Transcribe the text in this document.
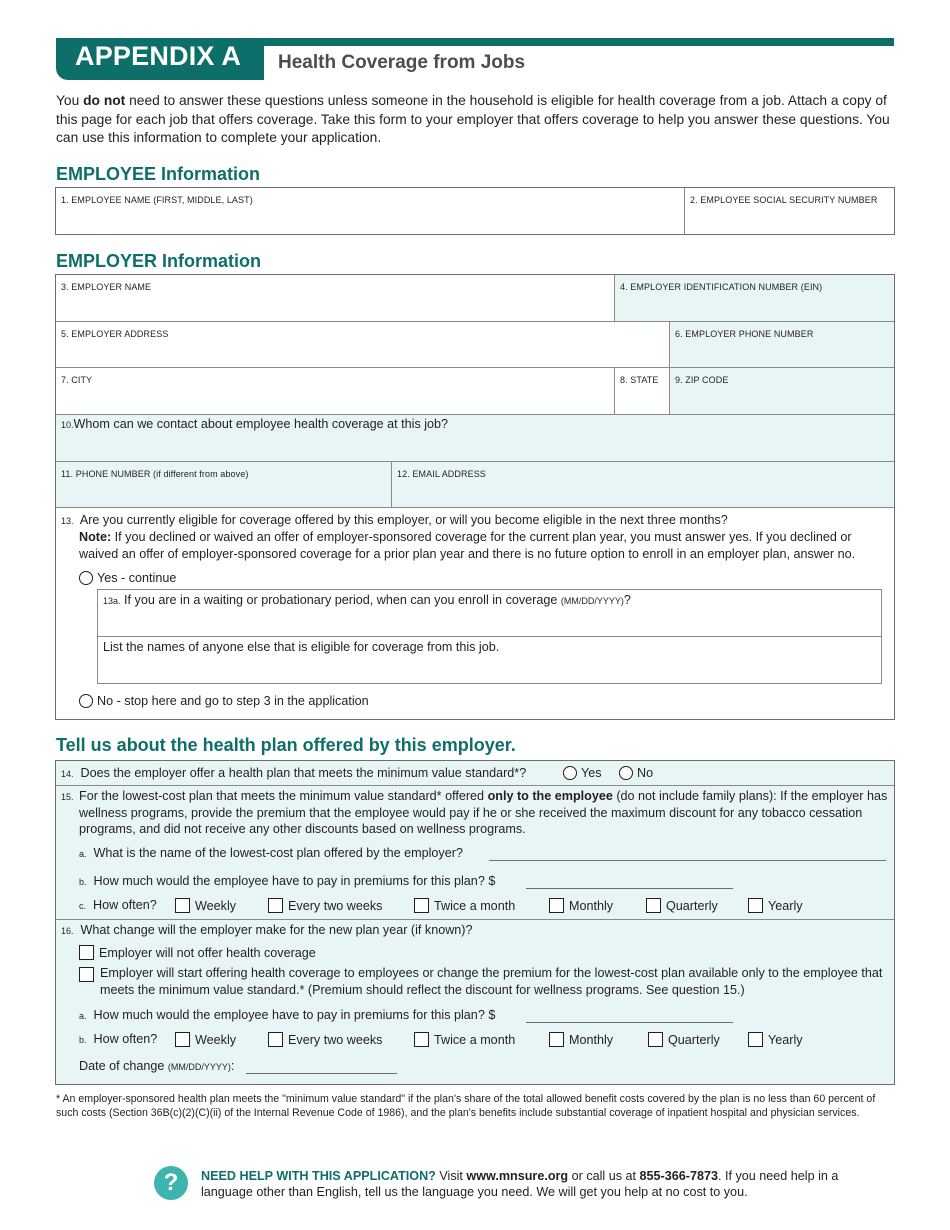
APPENDIX A	Health Coverage from Jobs
You do not need to answer these questions unless someone in the household is eligible for health coverage from a job. Attach a copy of this page for each job that offers coverage. Take this form to your employer that offers coverage to help you answer these questions. You can use this information to complete your application.
EMPLOYEE Information
1. EMPLOYEE NAME (FIRST, MIDDLE, LAST)	2. EMPLOYEE SOCIAL SECURITY NUMBER
EMPLOYER Information
3. EMPLOYER NAME	4. EMPLOYER IDENTIFICATION NUMBER (EIN)
5. EMPLOYER ADDRESS	6. EMPLOYER PHONE NUMBER
7. CITY	8. STATE 9. ZIP CODE
10.Whom can we contact about employee health coverage at this job?
11. PHONE NUMBER (if different from above)	12. EMAIL ADDRESS
13. Are you currently eligible for coverage offered by this employer, or will you become eligible in the next three months?
Note: If you declined or waived an offer of employer-sponsored coverage for the current plan year, you must answer yes. If you declined or waived an offer of employer-sponsored coverage for a prior plan year and there is no future option to enroll in an employer plan, answer no.
Yes - continue
13a. If you are in a waiting or probationary period, when can you enroll in coverage (MM/DD/YYYY)?
List the names of anyone else that is eligible for coverage from this job.
No - stop here and go to step 3 in the application
Tell us about the health plan offered by this employer.
14. Does the employer offer a health plan that meets the minimum value standard*?	Yes	No
15. For the lowest-cost plan that meets the minimum value standard* offered only to the employee (do not include family plans): If the employer has wellness programs, provide the premium that the employee would pay if he or she received the maximum discount for any tobacco cessation programs, and did not receive any other discounts based on wellness programs.
a. What is the name of the lowest-cost plan offered by the employer?
b. How much would the employee have to pay in premiums for this plan? $
c. How often?	Weekly	Every two weeks	Twice a month	Monthly	Quarterly	Yearly
16. What change will the employer make for the new plan year (if known)?
Employer will not offer health coverage
Employer will start offering health coverage to employees or change the premium for the lowest-cost plan available only to the employee that meets the minimum value standard.* (Premium should reflect the discount for wellness programs. See question 15.)
a. How much would the employee have to pay in premiums for this plan? $
b. How often?	Weekly	Every two weeks	Twice a month	Monthly	Quarterly	Yearly
Date of change (MM/DD/YYYY):
* An employer-sponsored health plan meets the "minimum value standard" if the plan's share of the total allowed benefit costs covered by the plan is no less than 60 percent of such costs (Section 36B(c)(2)(C)(ii) of the Internal Revenue Code of 1986), and the plan's benefits include substantial coverage of inpatient hospital and physician services.
?	NEED HELP WITH THIS APPLICATION? Visit www.mnsure.org or call us at 855-366-7873. If you need help in a language other than English, tell us the language you need. We will get you help at no cost to you.
